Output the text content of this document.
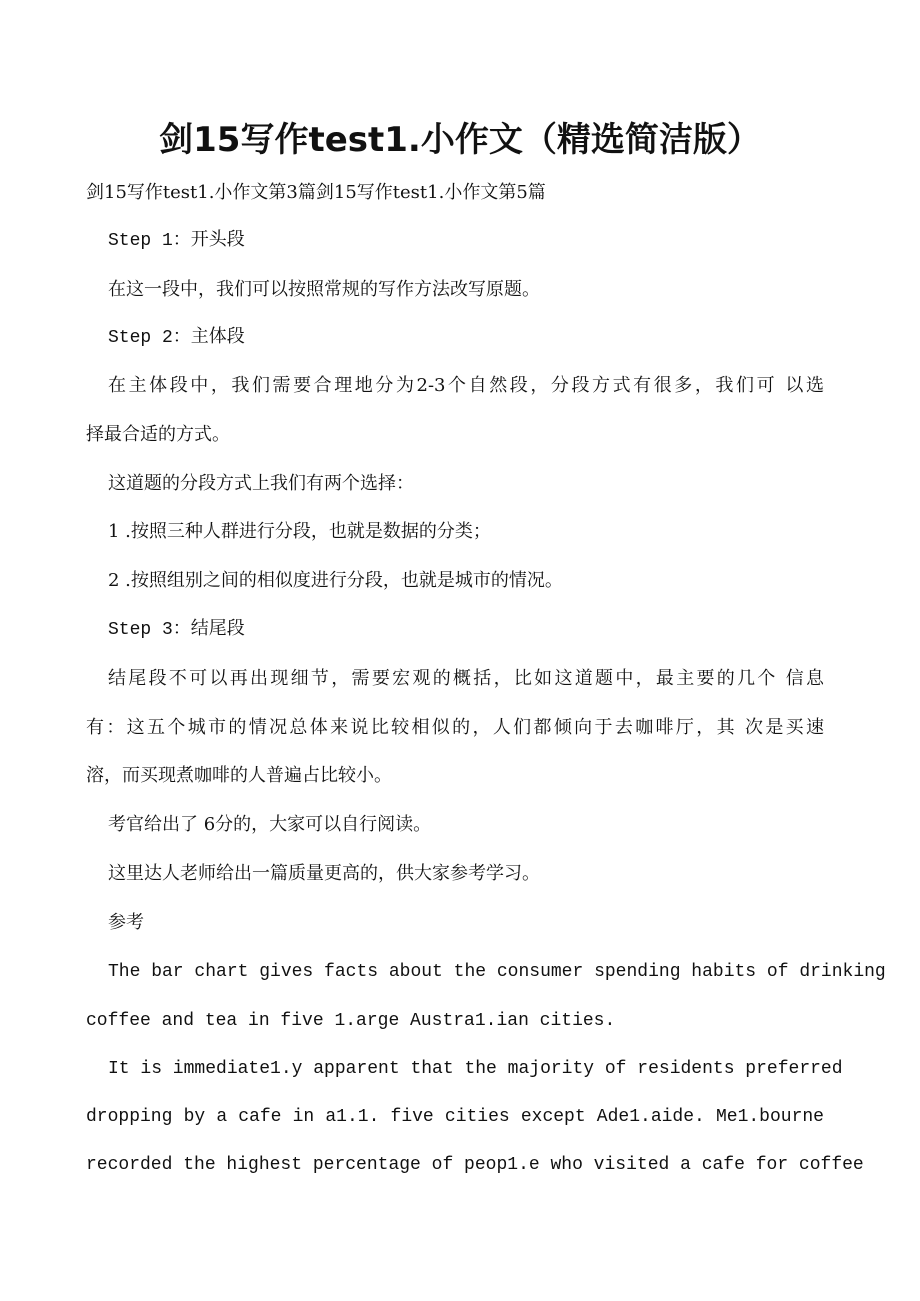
剑15写作test1.小作文（精选简洁版）
剑15写作test1.小作文第3篇剑15写作test1.小作文第5篇
Step 1：开头段
在这一段中，我们可以按照常规的写作方法改写原题。
Step 2：主体段
在主体段中，我们需要合理地分为2-3个自然段，分段方式有很多，我们可 以选
择最合适的方式。
这道题的分段方式上我们有两个选择：
1 .按照三种人群进行分段，也就是数据的分类；
2 .按照组别之间的相似度进行分段，也就是城市的情况。
Step 3：结尾段
结尾段不可以再出现细节，需要宏观的概括，比如这道题中，最主要的几个 信息
有：这五个城市的情况总体来说比较相似的，人们都倾向于去咖啡厅，其 次是买速
溶，而买现煮咖啡的人普遍占比较小。
考官给出了 6分的，大家可以自行阅读。
这里达人老师给出一篇质量更高的，供大家参考学习。
参考
The bar chart gives facts about the consumer spending habits of drinking
coffee and tea in five 1.arge Austra1.ian cities.
It is immediate1.y apparent that the majority of residents preferred
dropping by a cafe in a1.1. five cities except Ade1.aide. Me1.bourne
recorded the highest percentage of peop1.e who visited a cafe for coffee
